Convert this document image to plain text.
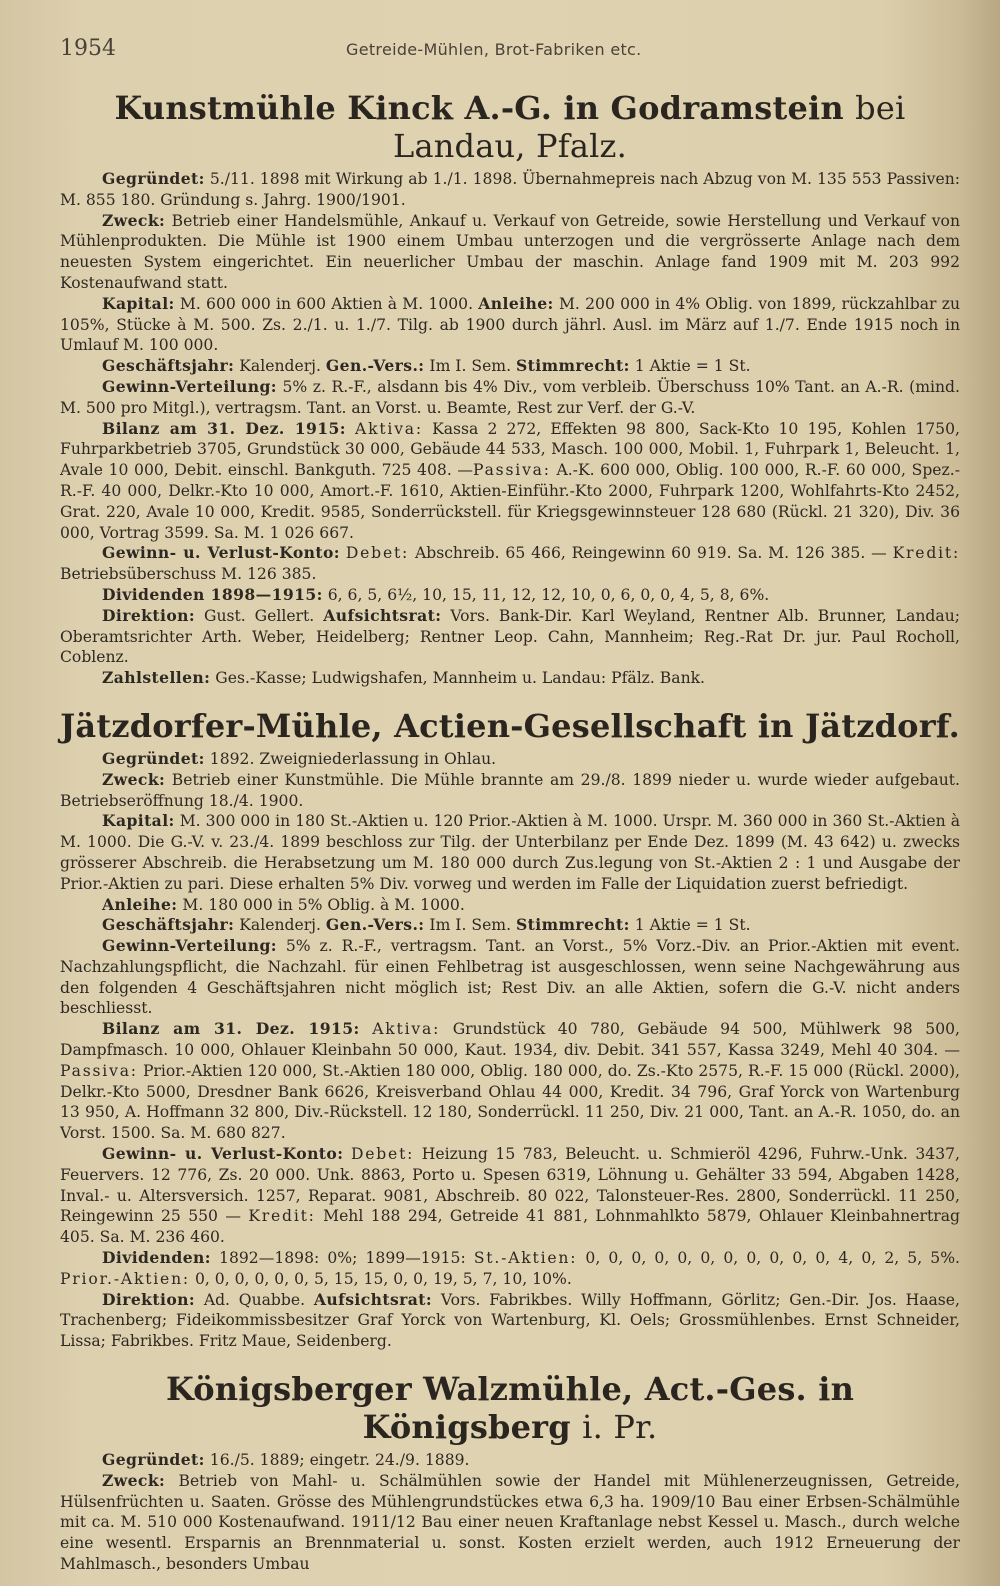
1954	Getreide-Mühlen, Brot-Fabriken etc.
Kunstmühle Kinck A.-G. in Godramstein bei Landau, Pfalz.

Gegründet: 5./11. 1898 mit Wirkung ab 1./1. 1898. Übernahmepreis nach Abzug von M. 135 553 Passiven: M. 855 180. Gründung s. Jahrg. 1900/1901.

Zweck: Betrieb einer Handelsmühle, Ankauf u. Verkauf von Getreide, sowie Herstellung und Verkauf von Mühlenprodukten. Die Mühle ist 1900 einem Umbau unterzogen und die vergrösserte Anlage nach dem neuesten System eingerichtet. Ein neuerlicher Umbau der maschin. Anlage fand 1909 mit M. 203 992 Kostenaufwand statt.

Kapital: M. 600 000 in 600 Aktien à M. 1000. Anleihe: M. 200 000 in 4% Oblig. von 1899, rückzahlbar zu 105%, Stücke à M. 500. Zs. 2./1. u. 1./7. Tilg. ab 1900 durch jährl. Ausl. im März auf 1./7. Ende 1915 noch in Umlauf M. 100 000.

Geschäftsjahr: Kalenderj. Gen.-Vers.: Im I. Sem. Stimmrecht: 1 Aktie = 1 St.

Gewinn-Verteilung: 5% z. R.-F., alsdann bis 4% Div., vom verbleib. Überschuss 10% Tant. an A.-R. (mind. M. 500 pro Mitgl.), vertragsm. Tant. an Vorst. u. Beamte, Rest zur Verf. der G.-V.

Bilanz am 31. Dez. 1915: Aktiva: Kassa 2 272, Effekten 98 800, Sack-Kto 10 195, Kohlen 1750, Fuhrparkbetrieb 3705, Grundstück 30 000, Gebäude 44 533, Masch. 100 000, Mobil. 1, Fuhrpark 1, Beleucht. 1, Avale 10 000, Debit. einschl. Bankguth. 725 408. —Passiva: A.-K. 600 000, Oblig. 100 000, R.-F. 60 000, Spez.-R.-F. 40 000, Delkr.-Kto 10 000, Amort.-F. 1610, Aktien-Einführ.-Kto 2000, Fuhrpark 1200, Wohlfahrts-Kto 2452, Grat. 220, Avale 10 000, Kredit. 9585, Sonderrückstell. für Kriegsgewinnsteuer 128 680 (Rückl. 21 320), Div. 36 000, Vortrag 3599. Sa. M. 1 026 667.

Gewinn- u. Verlust-Konto: Debet: Abschreib. 65 466, Reingewinn 60 919. Sa. M. 126 385. — Kredit: Betriebsüberschuss M. 126 385.

Dividenden 1898—1915: 6, 6, 5, 6½, 10, 15, 11, 12, 12, 10, 0, 6, 0, 0, 4, 5, 8, 6%.

Direktion: Gust. Gellert. Aufsichtsrat: Vors. Bank-Dir. Karl Weyland, Rentner Alb. Brunner, Landau; Oberamtsrichter Arth. Weber, Heidelberg; Rentner Leop. Cahn, Mannheim; Reg.-Rat Dr. jur. Paul Rocholl, Coblenz.

Zahlstellen: Ges.-Kasse; Ludwigshafen, Mannheim u. Landau: Pfälz. Bank.

Jätzdorfer-Mühle, Actien-Gesellschaft in Jätzdorf.

Gegründet: 1892. Zweigniederlassung in Ohlau.

Zweck: Betrieb einer Kunstmühle. Die Mühle brannte am 29./8. 1899 nieder u. wurde wieder aufgebaut. Betriebseröffnung 18./4. 1900.

Kapital: M. 300 000 in 180 St.-Aktien u. 120 Prior.-Aktien à M. 1000. Urspr. M. 360 000 in 360 St.-Aktien à M. 1000. Die G.-V. v. 23./4. 1899 beschloss zur Tilg. der Unterbilanz per Ende Dez. 1899 (M. 43 642) u. zwecks grösserer Abschreib. die Herabsetzung um M. 180 000 durch Zus.legung von St.-Aktien 2 : 1 und Ausgabe der Prior.-Aktien zu pari. Diese erhalten 5% Div. vorweg und werden im Falle der Liquidation zuerst befriedigt.

Anleihe: M. 180 000 in 5% Oblig. à M. 1000.

Geschäftsjahr: Kalenderj. Gen.-Vers.: Im I. Sem. Stimmrecht: 1 Aktie = 1 St.

Gewinn-Verteilung: 5% z. R.-F., vertragsm. Tant. an Vorst., 5% Vorz.-Div. an Prior.-Aktien mit event. Nachzahlungspflicht, die Nachzahl. für einen Fehlbetrag ist ausgeschlossen, wenn seine Nachgewährung aus den folgenden 4 Geschäftsjahren nicht möglich ist; Rest Div. an alle Aktien, sofern die G.-V. nicht anders beschliesst.

Bilanz am 31. Dez. 1915: Aktiva: Grundstück 40 780, Gebäude 94 500, Mühlwerk 98 500, Dampfmasch. 10 000, Ohlauer Kleinbahn 50 000, Kaut. 1934, div. Debit. 341 557, Kassa 3249, Mehl 40 304. — Passiva: Prior.-Aktien 120 000, St.-Aktien 180 000, Oblig. 180 000, do. Zs.-Kto 2575, R.-F. 15 000 (Rückl. 2000), Delkr.-Kto 5000, Dresdner Bank 6626, Kreisverband Ohlau 44 000, Kredit. 34 796, Graf Yorck von Wartenburg 13 950, A. Hoffmann 32 800, Div.-Rückstell. 12 180, Sonderrückl. 11 250, Div. 21 000, Tant. an A.-R. 1050, do. an Vorst. 1500. Sa. M. 680 827.

Gewinn- u. Verlust-Konto: Debet: Heizung 15 783, Beleucht. u. Schmieröl 4296, Fuhrw.-Unk. 3437, Feuervers. 12 776, Zs. 20 000. Unk. 8863, Porto u. Spesen 6319, Löhnung u. Gehälter 33 594, Abgaben 1428, Inval.- u. Altersversich. 1257, Reparat. 9081, Abschreib. 80 022, Talonsteuer-Res. 2800, Sonderrückl. 11 250, Reingewinn 25 550 — Kredit: Mehl 188 294, Getreide 41 881, Lohnmahlkto 5879, Ohlauer Kleinbahnertrag 405. Sa. M. 236 460.

Dividenden: 1892—1898: 0%; 1899—1915: St.-Aktien: 0, 0, 0, 0, 0, 0, 0, 0, 0, 0, 0, 4, 0, 2, 5, 5%. Prior.-Aktien: 0, 0, 0, 0, 0, 0, 5, 15, 15, 0, 0, 19, 5, 7, 10, 10%.

Direktion: Ad. Quabbe. Aufsichtsrat: Vors. Fabrikbes. Willy Hoffmann, Görlitz; Gen.-Dir. Jos. Haase, Trachenberg; Fideikommissbesitzer Graf Yorck von Wartenburg, Kl. Oels; Grossmühlenbes. Ernst Schneider, Lissa; Fabrikbes. Fritz Maue, Seidenberg.

Königsberger Walzmühle, Act.-Ges. in Königsberg i. Pr.

Gegründet: 16./5. 1889; eingetr. 24./9. 1889.

Zweck: Betrieb von Mahl- u. Schälmühlen sowie der Handel mit Mühlenerzeugnissen, Getreide, Hülsenfrüchten u. Saaten. Grösse des Mühlengrundstückes etwa 6,3 ha. 1909/10 Bau einer Erbsen-Schälmühle mit ca. M. 510 000 Kostenaufwand. 1911/12 Bau einer neuen Kraftanlage nebst Kessel u. Masch., durch welche eine wesentl. Ersparnis an Brennmaterial u. sonst. Kosten erzielt werden, auch 1912 Erneuerung der Mahlmasch., besonders Umbau
